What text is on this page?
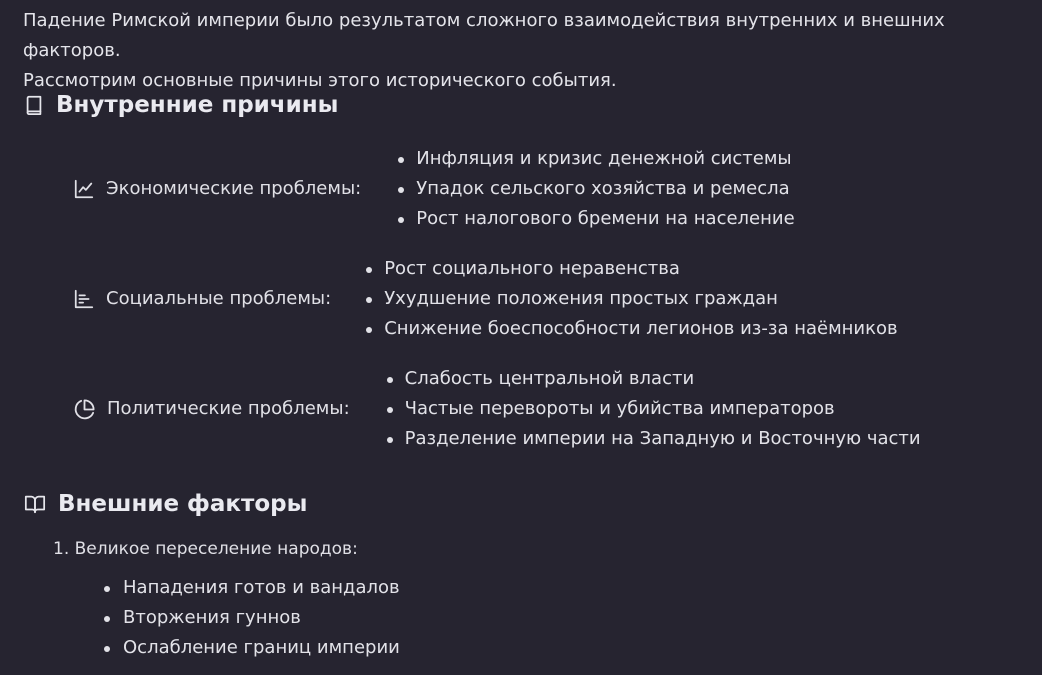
Падение Римской империи было результатом сложного взаимодействия внутренних и внешних факторов.

Рассмотрим основные причины этого исторического события.

Внутренние причины
Экономические проблемы:
Инфляция и кризис денежной системы
Упадок сельского хозяйства и ремесла
Рост налогового бремени на население
Социальные проблемы:
Рост социального неравенства
Ухудшение положения простых граждан
Снижение боеспособности легионов из-за наёмников
Политические проблемы:
Слабость центральной власти
Частые перевороты и убийства императоров
Разделение империи на Западную и Восточную части
Внешние факторы
1. Великое переселение народов:
Нападения готов и вандалов
Вторжения гуннов
Ослабление границ империи
